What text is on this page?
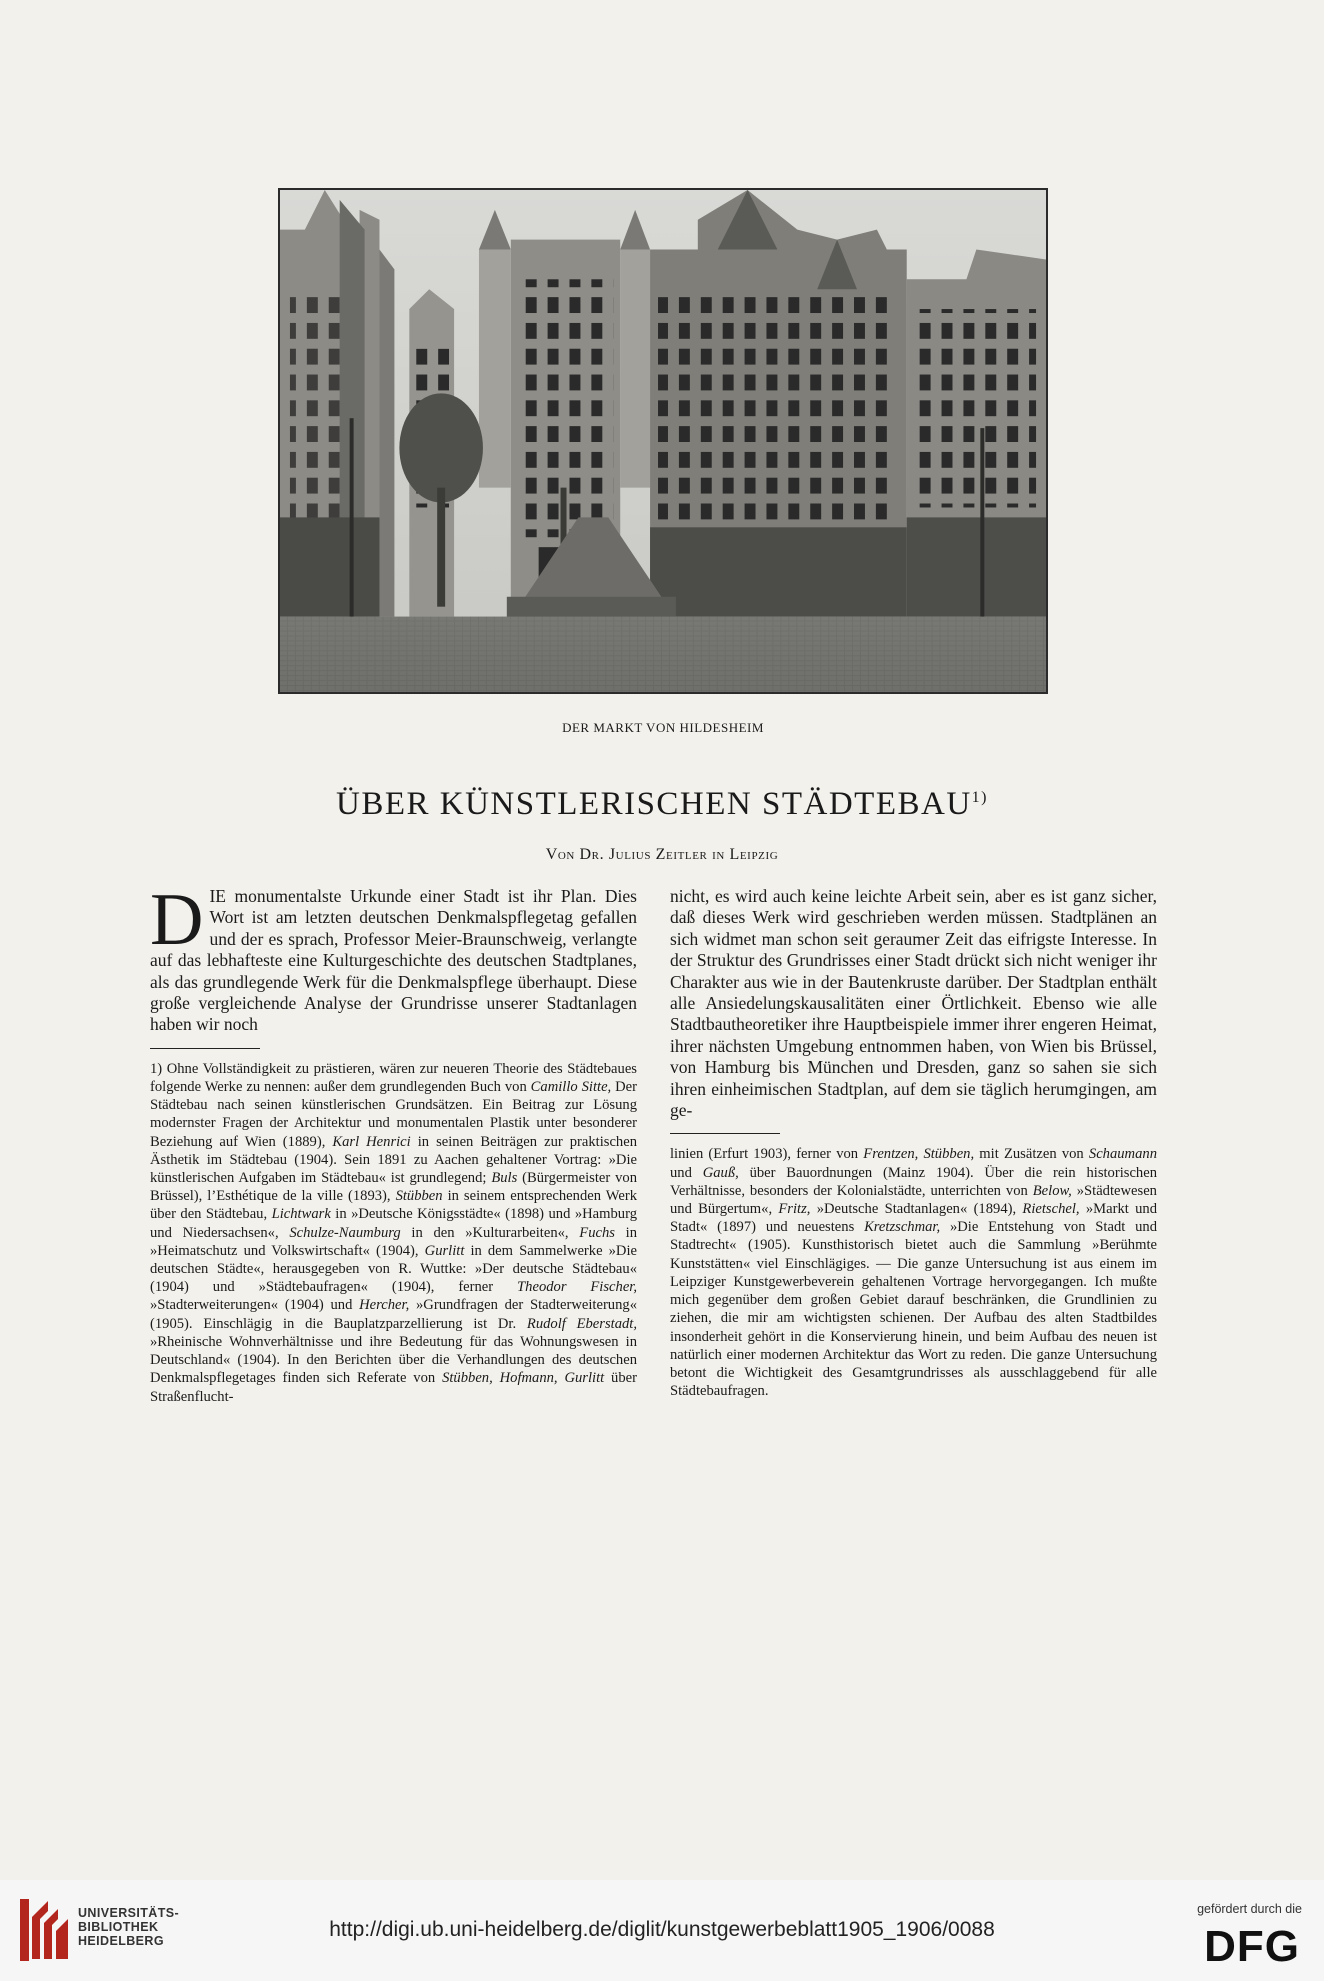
DER MARKT VON HILDESHEIM
ÜBER KÜNSTLERISCHEN STÄDTEBAU$^{1)}$
Von Dr. Julius Zeitler in Leipzig

DIE monumentalste Urkunde einer Stadt ist ihr Plan. Dies Wort ist am letzten deutschen Denkmalspflegetag gefallen und der es sprach, Professor Meier-Braunschweig, verlangte auf das lebhafteste eine Kulturgeschichte des deutschen Stadtplanes, als das grundlegende Werk für die Denkmalspflege überhaupt. Diese große vergleichende Analyse der Grundrisse unserer Stadtanlagen haben wir noch

1) Ohne Vollständigkeit zu prästieren, wären zur neueren Theorie des Städtebaues folgende Werke zu nennen: außer dem grundlegenden Buch von Camillo Sitte, Der Städtebau nach seinen künstlerischen Grundsätzen. Ein Beitrag zur Lösung modernster Fragen der Architektur und monumentalen Plastik unter besonderer Beziehung auf Wien (1889), Karl Henrici in seinen Beiträgen zur praktischen Ästhetik im Städtebau (1904). Sein 1891 zu Aachen gehaltener Vortrag: »Die künstlerischen Aufgaben im Städtebau« ist grundlegend; Buls (Bürgermeister von Brüssel), l’Esthétique de la ville (1893), Stübben in seinem entsprechenden Werk über den Städtebau, Lichtwark in »Deutsche Königsstädte« (1898) und »Hamburg und Niedersachsen«, Schulze-Naumburg in den »Kulturarbeiten«, Fuchs in »Heimatschutz und Volkswirtschaft« (1904), Gurlitt in dem Sammelwerke »Die deutschen Städte«, herausgegeben von R. Wuttke: »Der deutsche Städtebau« (1904) und »Städtebaufragen« (1904), ferner Theodor Fischer, »Stadterweiterungen« (1904) und Hercher, »Grundfragen der Stadterweiterung« (1905). Einschlägig in die Bauplatzparzellierung ist Dr. Rudolf Eberstadt, »Rheinische Wohnverhältnisse und ihre Bedeutung für das Wohnungswesen in Deutschland« (1904). In den Berichten über die Verhandlungen des deutschen Denkmalspflegetages finden sich Referate von Stübben, Hofmann, Gurlitt über Straßenflucht-

nicht, es wird auch keine leichte Arbeit sein, aber es ist ganz sicher, daß dieses Werk wird geschrieben werden müssen. Stadtplänen an sich widmet man schon seit geraumer Zeit das eifrigste Interesse. In der Struktur des Grundrisses einer Stadt drückt sich nicht weniger ihr Charakter aus wie in der Bautenkruste darüber. Der Stadtplan enthält alle Ansiedelungskausalitäten einer Örtlichkeit. Ebenso wie alle Stadtbautheoretiker ihre Hauptbeispiele immer ihrer engeren Heimat, ihrer nächsten Umgebung entnommen haben, von Wien bis Brüssel, von Hamburg bis München und Dresden, ganz so sahen sie sich ihren einheimischen Stadtplan, auf dem sie täglich herumgingen, am ge-

linien (Erfurt 1903), ferner von Frentzen, Stübben, mit Zusätzen von Schaumann und Gauß, über Bauordnungen (Mainz 1904). Über die rein historischen Verhältnisse, besonders der Kolonialstädte, unterrichten von Below, »Städtewesen und Bürgertum«, Fritz, »Deutsche Stadtanlagen« (1894), Rietschel, »Markt und Stadt« (1897) und neuestens Kretzschmar, »Die Entstehung von Stadt und Stadtrecht« (1905). Kunsthistorisch bietet auch die Sammlung »Berühmte Kunststätten« viel Einschlägiges. — Die ganze Untersuchung ist aus einem im Leipziger Kunstgewerbeverein gehaltenen Vortrage hervorgegangen. Ich mußte mich gegenüber dem großen Gebiet darauf beschränken, die Grundlinien zu ziehen, die mir am wichtigsten schienen. Der Aufbau des alten Stadtbildes insonderheit gehört in die Konservierung hinein, und beim Aufbau des neuen ist natürlich einer modernen Architektur das Wort zu reden. Die ganze Untersuchung betont die Wichtigkeit des Gesamtgrundrisses als ausschlaggebend für alle Städtebaufragen.

UNIVERSITÄTS-
BIBLIOTHEK
HEIDELBERG	http://digi.ub.uni-heidelberg.de/diglit/kunstgewerbeblatt1905_1906/0088
gefördert durch die
DFG
